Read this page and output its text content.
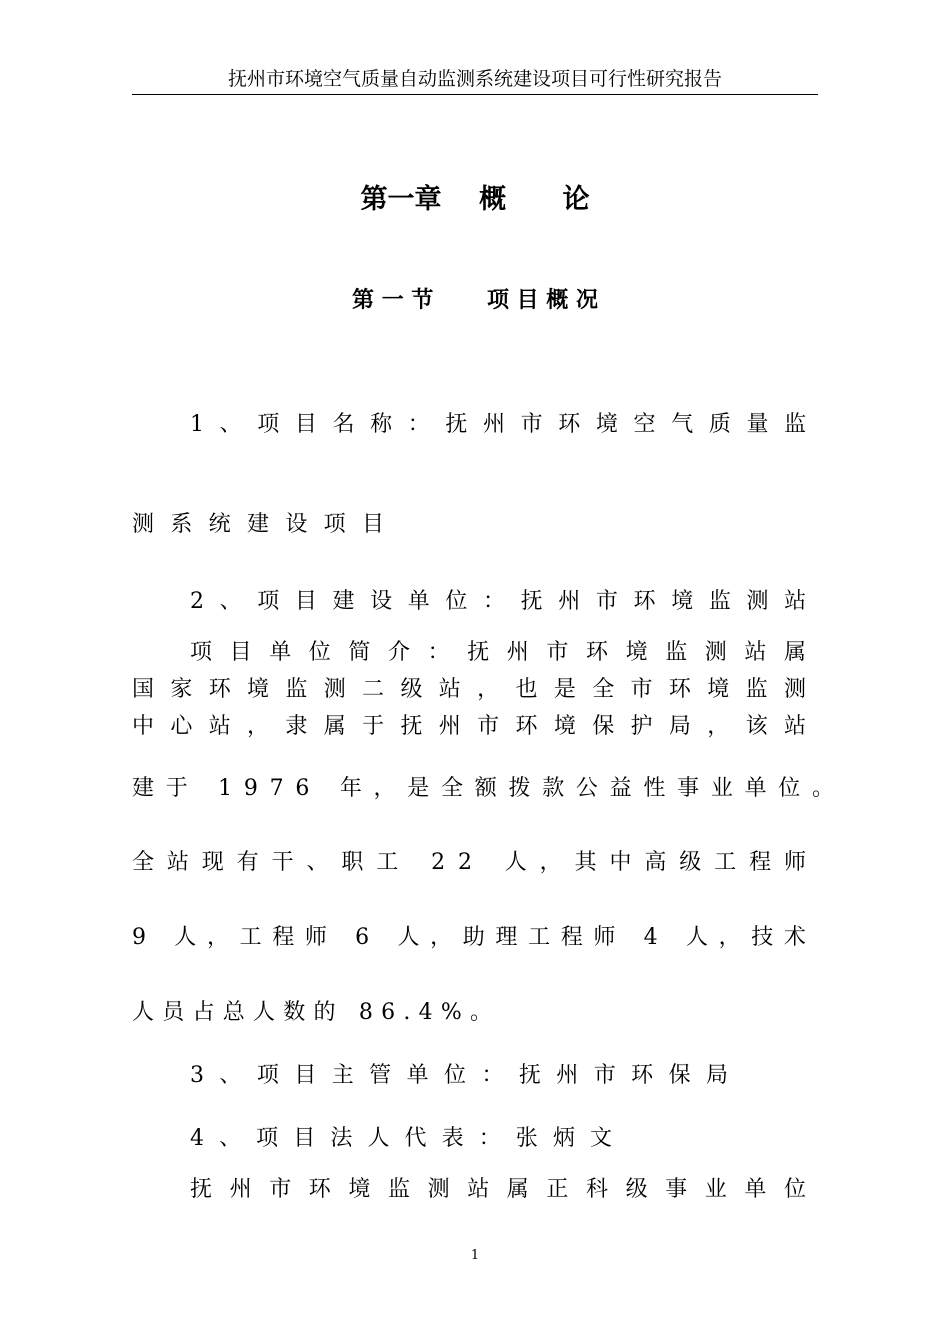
抚州市环境空气质量自动监测系统建设项目可行性研究报告
第一章    概      论
第 一 节       项 目 概 况
1、项目名称：抚州市环境空气质量监
测系统建设项目
2、项目建设单位：抚州市环境监测站
项目单位简介：抚州市环境监测站属
国家环境监测二级站，也是全市环境监测
中心站，隶属于抚州市环境保护局，该站
建于 1976 年，是全额拨款公益性事业单位。
全站现有干、职工 22 人，其中高级工程师
9 人，工程师 6 人，助理工程师 4 人，技术
人员占总人数的 86.4%。
3、项目主管单位：抚州市环保局
4、项目法人代表：张炳文
抚州市环境监测站属正科级事业单位
1
